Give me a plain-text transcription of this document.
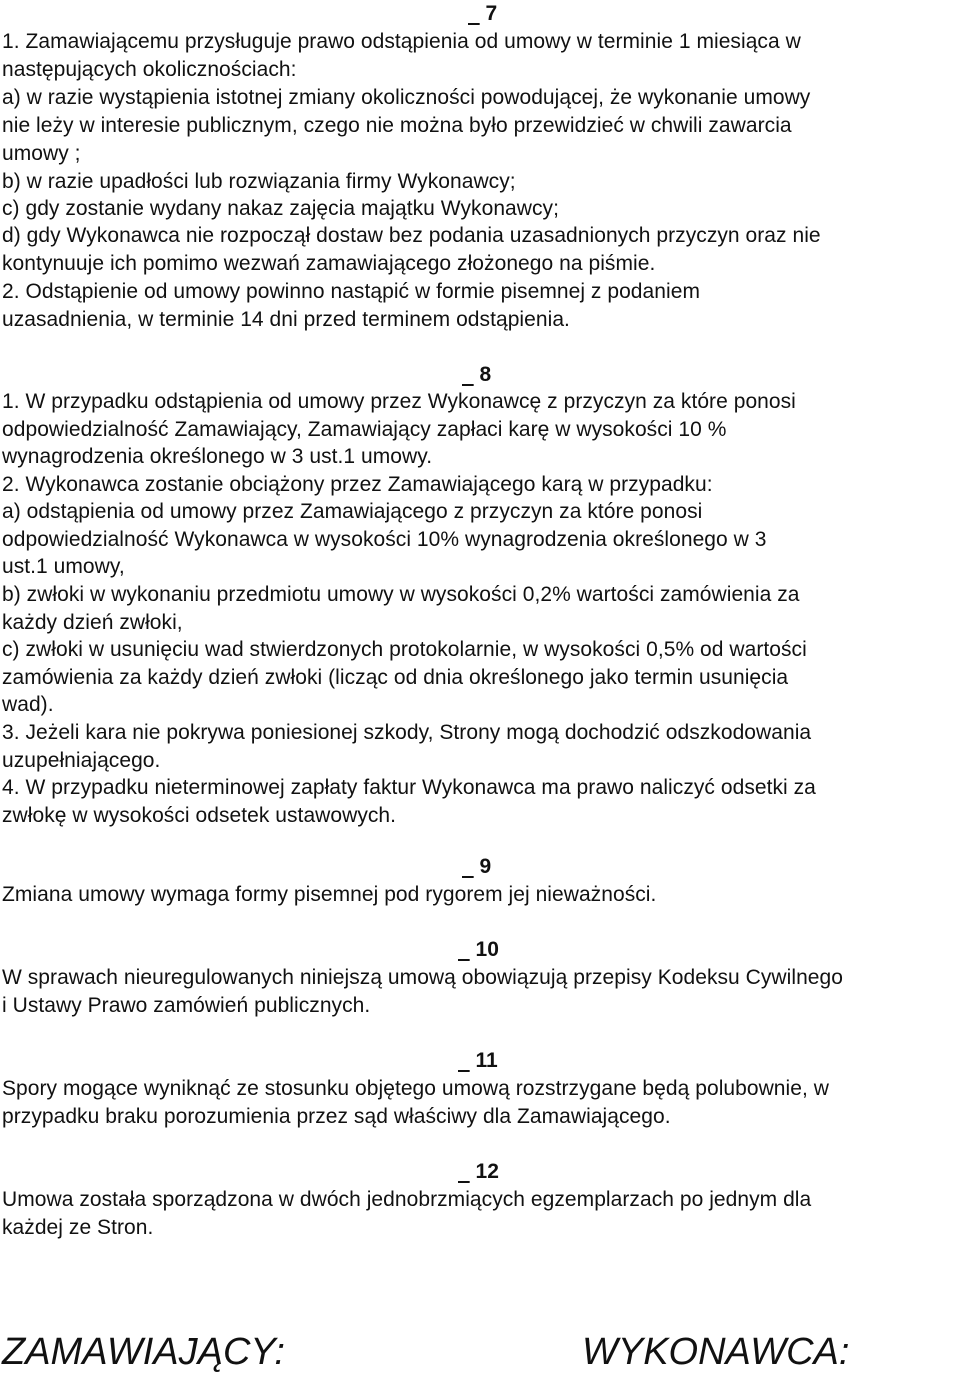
7
1. Zamawiającemu przysługuje prawo odstąpienia od umowy w terminie 1 miesiąca w
następujących okolicznościach:
a) w razie wystąpienia istotnej zmiany okoliczności powodującej, że wykonanie umowy
nie leży w interesie publicznym, czego nie można było przewidzieć w chwili zawarcia
umowy ;
b) w razie upadłości lub rozwiązania firmy Wykonawcy;
c) gdy zostanie wydany nakaz zajęcia majątku Wykonawcy;
d) gdy Wykonawca nie rozpoczął dostaw bez podania uzasadnionych przyczyn oraz nie
kontynuuje ich pomimo wezwań zamawiającego złożonego na piśmie.
2. Odstąpienie od umowy powinno nastąpić w formie pisemnej z podaniem
uzasadnienia, w terminie 14 dni przed terminem odstąpienia.
8
1. W przypadku odstąpienia od umowy przez Wykonawcę z przyczyn za które ponosi
odpowiedzialność Zamawiający, Zamawiający zapłaci karę w wysokości 10 %
wynagrodzenia określonego w 3 ust.1 umowy.
2. Wykonawca zostanie obciążony przez Zamawiającego karą w przypadku:
a) odstąpienia od umowy przez Zamawiającego z przyczyn za które ponosi
odpowiedzialność Wykonawca w wysokości 10% wynagrodzenia określonego w 3
ust.1 umowy,
b) zwłoki w wykonaniu przedmiotu umowy w wysokości 0,2% wartości zamówienia za
każdy dzień zwłoki,
c) zwłoki w usunięciu wad stwierdzonych protokolarnie, w wysokości 0,5% od wartości
zamówienia za każdy dzień zwłoki (licząc od dnia określonego jako termin usunięcia
wad).
3. Jeżeli kara nie pokrywa poniesionej szkody, Strony mogą dochodzić odszkodowania
uzupełniającego.
4. W przypadku nieterminowej zapłaty faktur Wykonawca ma prawo naliczyć odsetki za
zwłokę w wysokości odsetek ustawowych.
9
Zmiana umowy wymaga formy pisemnej pod rygorem jej nieważności.
10
W sprawach nieuregulowanych niniejszą umową obowiązują przepisy Kodeksu Cywilnego
i Ustawy Prawo zamówień publicznych.
11
Spory mogące wyniknąć ze stosunku objętego umową rozstrzygane będą polubownie, w
przypadku braku porozumienia przez sąd właściwy dla Zamawiającego.
12
Umowa została sporządzona w dwóch jednobrzmiących egzemplarzach po jednym dla
każdej ze Stron.
ZAMAWIAJĄCY:	WYKONAWCA:
